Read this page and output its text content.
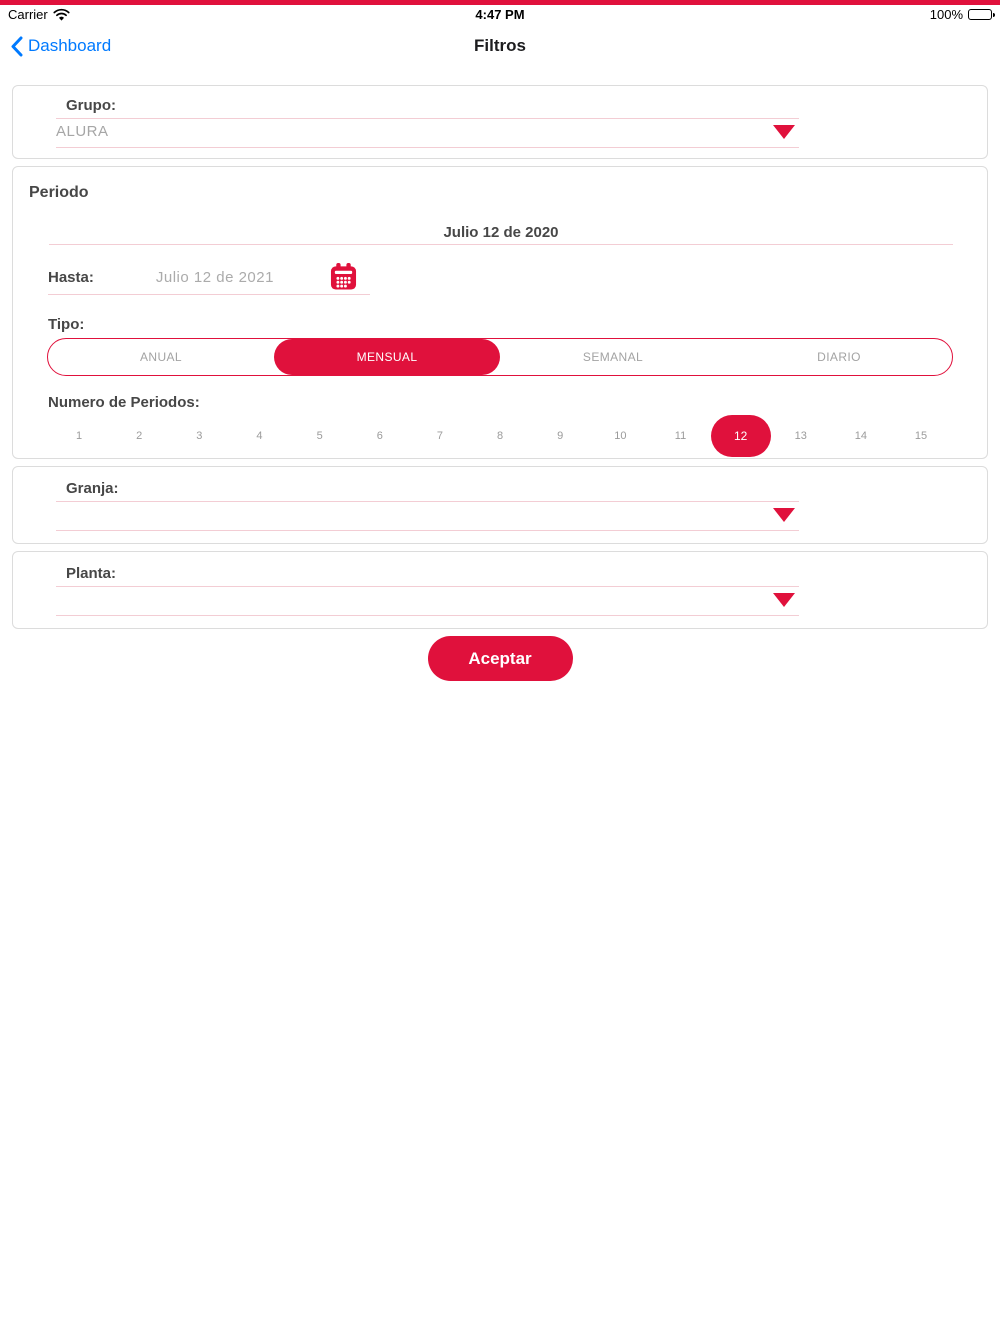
Carrier	4:47 PM	100%
Filtros
Dashboard
Grupo:
ALURA
Periodo
Julio 12 de 2020
Hasta:	Julio 12 de 2021
Tipo:
ANUAL	MENSUAL	SEMANAL	DIARIO
Numero de Periodos:
1	2	3	4	5	6	7	8	9	10	11	12	13	14	15
Granja:
Planta:
Aceptar
